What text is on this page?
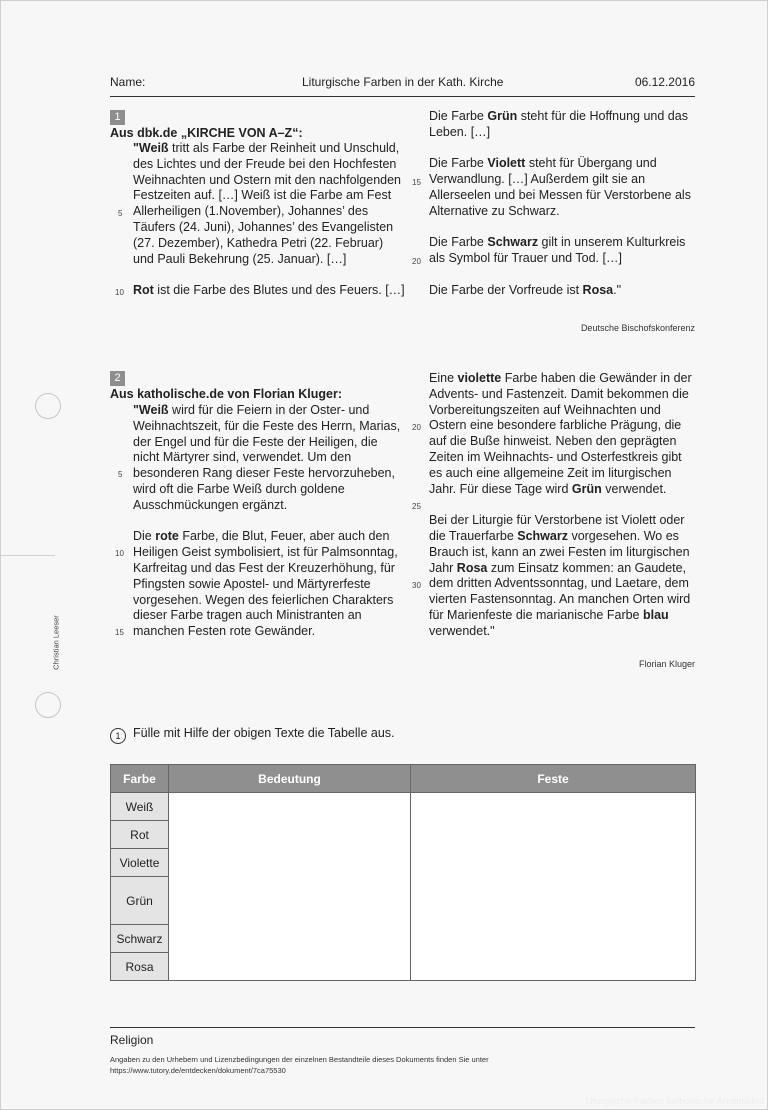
Name:	Liturgische Farben in der Kath. Kirche	06.12.2016
1
Aus dbk.de „KIRCHE VON A–Z“:

"Weiß tritt als Farbe der Reinheit und Unschuld, des Lichtes und der Freude bei den Hochfesten Weihnachten und Ostern mit den nachfolgenden Festzeiten auf. […] Weiß ist die Farbe am Fest Allerheiligen (1.November), Johannes’ des Täufers (24. Juni), Johannes’ des Evangelisten (27. Dezember), Kathedra Petri (22. Februar) und Pauli Bekehrung (25. Januar). […]

Rot ist die Farbe des Blutes und des Feuers. […]

5
10

Die Farbe Grün steht für die Hoffnung und das Leben. […]

Die Farbe Violett steht für Übergang und Verwandlung. […] Außerdem gilt sie an Allerseelen und bei Messen für Verstorbene als Alternative zu Schwarz.

Die Farbe Schwarz gilt in unserem Kulturkreis als Symbol für Trauer und Tod. […]

Die Farbe der Vorfreude ist Rosa."

15
20
Deutsche Bischofskonferenz
2
Aus katholische.de von Florian Kluger:

"Weiß wird für die Feiern in der Oster- und Weihnachtszeit, für die Feste des Herrn, Marias, der Engel und für die Feste der Heiligen, die nicht Märtyrer sind, verwendet. Um den besonderen Rang dieser Feste hervorzuheben, wird oft die Farbe Weiß durch goldene Ausschmückungen ergänzt.

Die rote Farbe, die Blut, Feuer, aber auch den Heiligen Geist symbolisiert, ist für Palmsonntag, Karfreitag und das Fest der Kreuzerhöhung, für Pfingsten sowie Apostel- und Märtyrerfeste vorgesehen. Wegen des feierlichen Charakters dieser Farbe tragen auch Ministranten an manchen Festen rote Gewänder.

5
10
15

Eine violette Farbe haben die Gewänder in der Advents- und Fastenzeit. Damit bekommen die Vorbereitungszeiten auf Weihnachten und Ostern eine besondere farbliche Prägung, die auf die Buße hinweist. Neben den geprägten Zeiten im Weihnachts- und Osterfestkreis gibt es auch eine allgemeine Zeit im liturgischen Jahr. Für diese Tage wird Grün verwendet.

Bei der Liturgie für Verstorbene ist Violett oder die Trauerfarbe Schwarz vorgesehen. Wo es Brauch ist, kann an zwei Festen im liturgischen Jahr Rosa zum Einsatz kommen: an Gaudete, dem dritten Adventssonntag, und Laetare, dem vierten Fastensonntag. An manchen Orten wird für Marienfeste die marianische Farbe blau verwendet."

20
25
30
Florian Kluger
Christian Leeser
1 Fülle mit Hilfe der obigen Texte die Tabelle aus.
Farbe	Bedeutung	Feste
Weiß		
Rot		
Violette		
Grün		
Schwarz		
Rosa		
Religion
Angaben zu den Urhebern und Lizenzbedingungen der einzelnen Bestandteile dieses Dokuments finden Sie unter
https://www.tutory.de/entdecken/dokument/7ca75530
Liturgische Farben katholische Arbeitsblatt
